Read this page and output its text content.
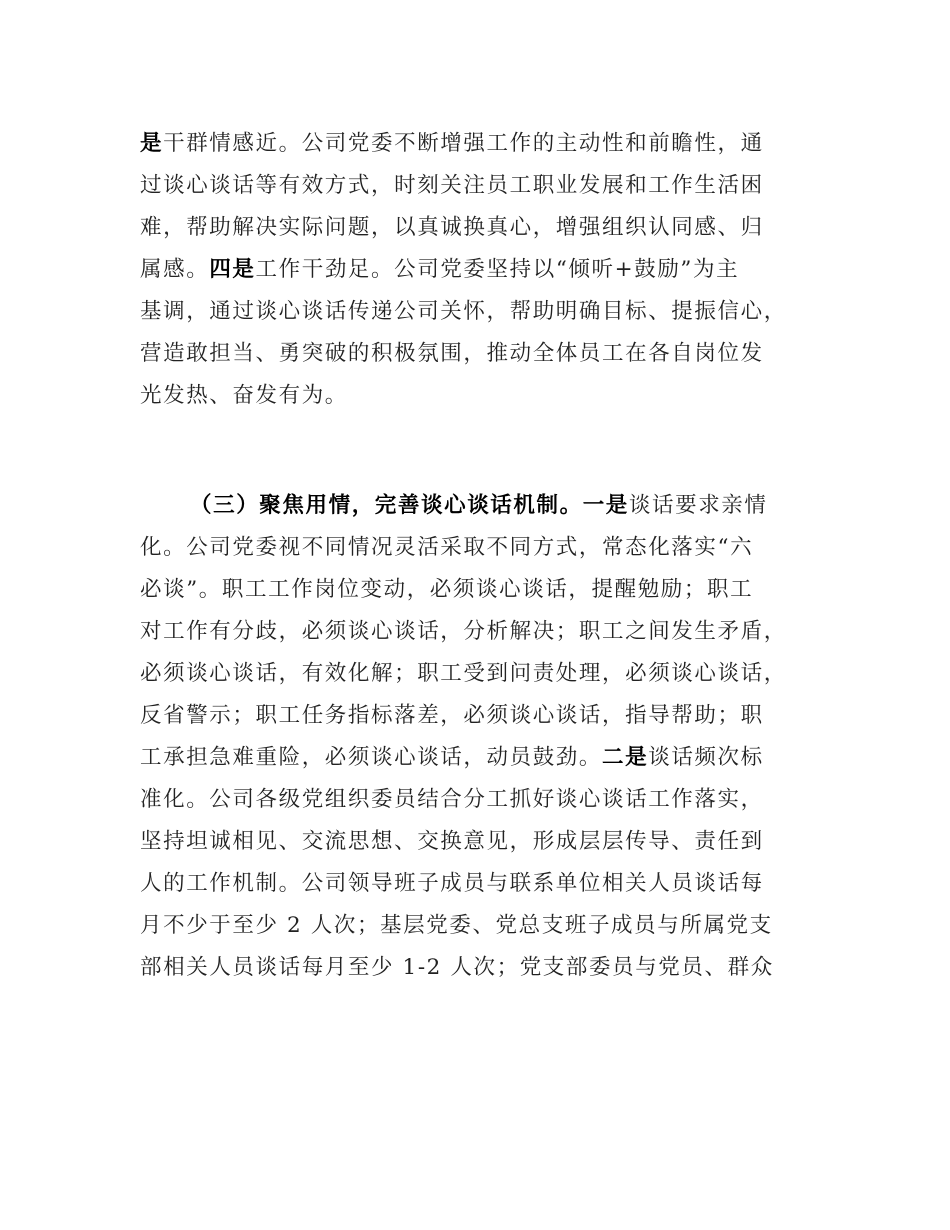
是干群情感近。公司党委不断增强工作的主动性和前瞻性，通
过谈心谈话等有效方式，时刻关注员工职业发展和工作生活困
难，帮助解决实际问题，以真诚换真心，增强组织认同感、归
属感。四是工作干劲足。公司党委坚持以“倾听+鼓励”为主
基调，通过谈心谈话传递公司关怀，帮助明确目标、提振信心，
营造敢担当、勇突破的积极氛围，推动全体员工在各自岗位发
光发热、奋发有为。
（三）聚焦用情，完善谈心谈话机制。一是谈话要求亲情
化。公司党委视不同情况灵活采取不同方式，常态化落实“六
必谈”。职工工作岗位变动，必须谈心谈话，提醒勉励；职工
对工作有分歧，必须谈心谈话，分析解决；职工之间发生矛盾，
必须谈心谈话，有效化解；职工受到问责处理，必须谈心谈话，
反省警示；职工任务指标落差，必须谈心谈话，指导帮助；职
工承担急难重险，必须谈心谈话，动员鼓劲。二是谈话频次标
准化。公司各级党组织委员结合分工抓好谈心谈话工作落实，
坚持坦诚相见、交流思想、交换意见，形成层层传导、责任到
人的工作机制。公司领导班子成员与联系单位相关人员谈话每
月不少于至少 2 人次；基层党委、党总支班子成员与所属党支
部相关人员谈话每月至少 1-2 人次；党支部委员与党员、群众
